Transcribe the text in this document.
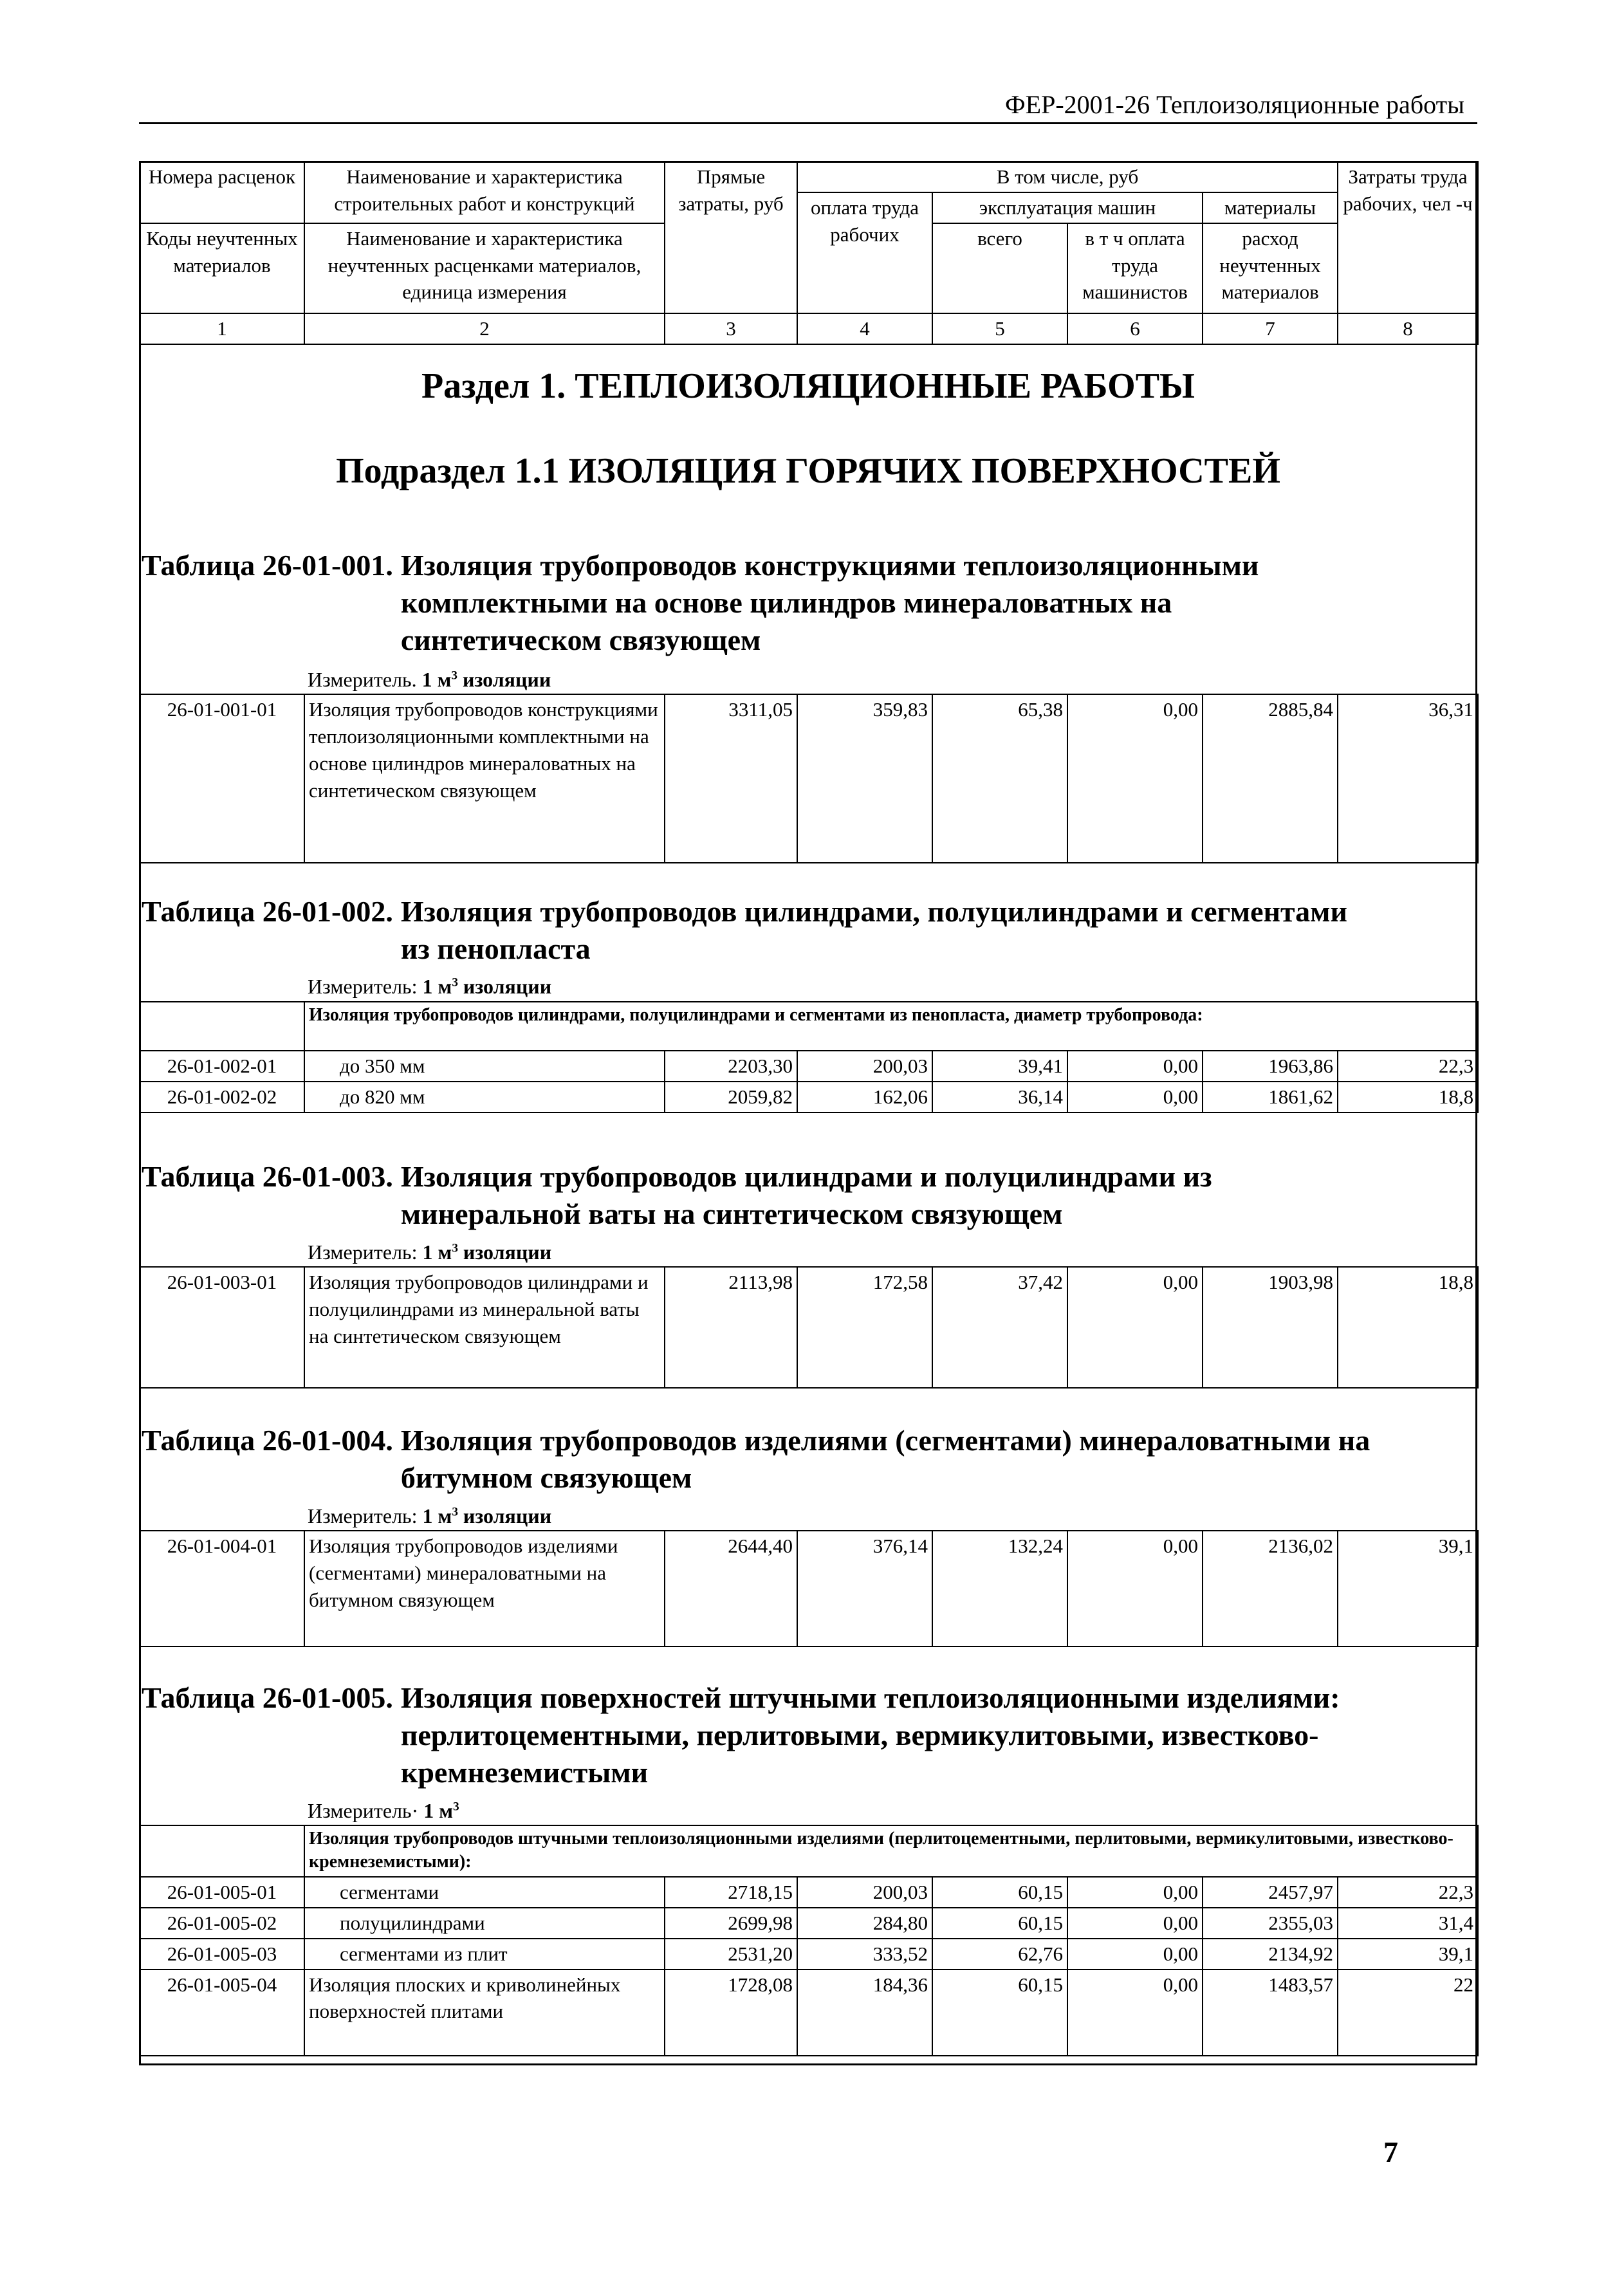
ФЕР-2001-26 Теплоизоляционные работы
Номера расценок	Наименование и характеристика строительных работ и конструкций	Прямые затраты, руб	В том числе, руб				Затраты труда рабочих, чел -ч
			оплата труда рабочих	эксплуатация машин		материалы	
Коды неучтенных материалов	Наименование и характеристика неучтенных расценками материалов, единица измерения			всего	в т ч оплата труда машинистов	расход неучтенных материалов	

1	2	3	4	5	6	7	8
Раздел 1. ТЕПЛОИЗОЛЯЦИОННЫЕ РАБОТЫ
Подраздел 1.1 ИЗОЛЯЦИЯ ГОРЯЧИХ ПОВЕРХНОСТЕЙ
Таблица 26-01-001. Изоляция трубопроводов конструкциями теплоизоляционными
комплектными на основе цилиндров минераловатных на
синтетическом связующем
Измеритель. 1 $м^3$ изоляции
26-01-001-01	Изоляция трубопроводов конструкциями теплоизоляционными комплектными на основе цилиндров минераловатных на синтетическом связующем	3311,05	359,83	65,38	0,00	2885,84	36,31
Таблица 26-01-002. Изоляция трубопроводов цилиндрами, полуцилиндрами и сегментами
из пенопласта
Измеритель: 1 $м^3$ изоляции
	Изоляция трубопроводов цилиндрами, полуцилиндрами и сегментами из пенопласта, диаметр трубопровода:						
26-01-002-01	до 350 мм	2203,30	200,03	39,41	0,00	1963,86	22,3
26-01-002-02	до 820 мм	2059,82	162,06	36,14	0,00	1861,62	18,8
Таблица 26-01-003. Изоляция трубопроводов цилиндрами и полуцилиндрами из
минеральной ваты на синтетическом связующем
Измеритель: 1 $м^3$ изоляции
26-01-003-01	Изоляция трубопроводов цилиндрами и полуцилиндрами из минеральной ваты на синтетическом связующем	2113,98	172,58	37,42	0,00	1903,98	18,8
Таблица 26-01-004. Изоляция трубопроводов изделиями (сегментами) минераловатными на
битумном связующем
Измеритель: 1 $м^3$ изоляции
26-01-004-01	Изоляция трубопроводов изделиями (сегментами) минераловатными на битумном связующем	2644,40	376,14	132,24	0,00	2136,02	39,1
Таблица 26-01-005. Изоляция поверхностей штучными теплоизоляционными изделиями:
перлитоцементными, перлитовыми, вермикулитовыми, известково-
кремнеземистыми
Измеритель· 1 $м^3$
	Изоляция трубопроводов штучными теплоизоляционными изделиями (перлитоцементными, перлитовыми, вермикулитовыми, известково-кремнеземистыми):						
26-01-005-01	сегментами	2718,15	200,03	60,15	0,00	2457,97	22,3
26-01-005-02	полуцилиндрами	2699,98	284,80	60,15	0,00	2355,03	31,4
26-01-005-03	сегментами из плит	2531,20	333,52	62,76	0,00	2134,92	39,1
26-01-005-04	Изоляция плоских и криволинейных поверхностей плитами	1728,08	184,36	60,15	0,00	1483,57	22
7
